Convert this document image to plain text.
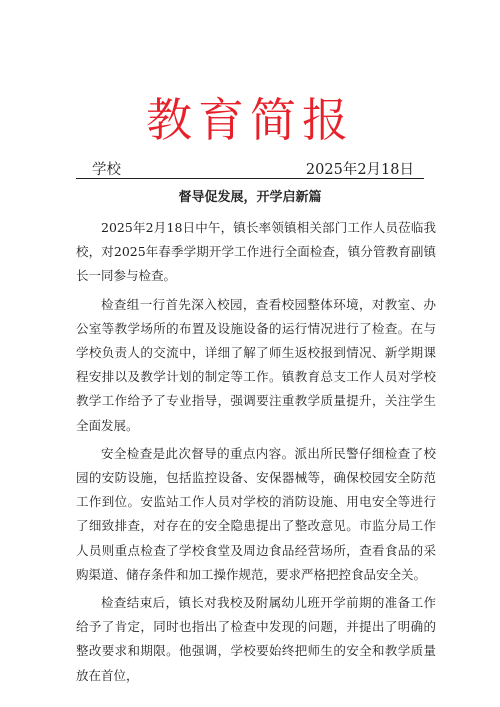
教育简报
学校	2025年2月18日
督导促发展，开学启新篇

2025年2月18日中午，镇长率领镇相关部门工作人员莅临我校，对2025年春季学期开学工作进行全面检查，镇分管教育副镇长一同参与检查。

检查组一行首先深入校园，查看校园整体环境，对教室、办公室等教学场所的布置及设施设备的运行情况进行了检查。在与学校负责人的交流中，详细了解了师生返校报到情况、新学期课程安排以及教学计划的制定等工作。镇教育总支工作人员对学校教学工作给予了专业指导，强调要注重教学质量提升，关注学生全面发展。

安全检查是此次督导的重点内容。派出所民警仔细检查了校园的安防设施，包括监控设备、安保器械等，确保校园安全防范工作到位。安监站工作人员对学校的消防设施、用电安全等进行了细致排查，对存在的安全隐患提出了整改意见。市监分局工作人员则重点检查了学校食堂及周边食品经营场所，查看食品的采购渠道、储存条件和加工操作规范，要求严格把控食品安全关。

检查结束后，镇长对我校及附属幼儿班开学前期的准备工作给予了肯定，同时也指出了检查中发现的问题，并提出了明确的整改要求和期限。他强调，学校要始终把师生的安全和教学质量放在首位，
